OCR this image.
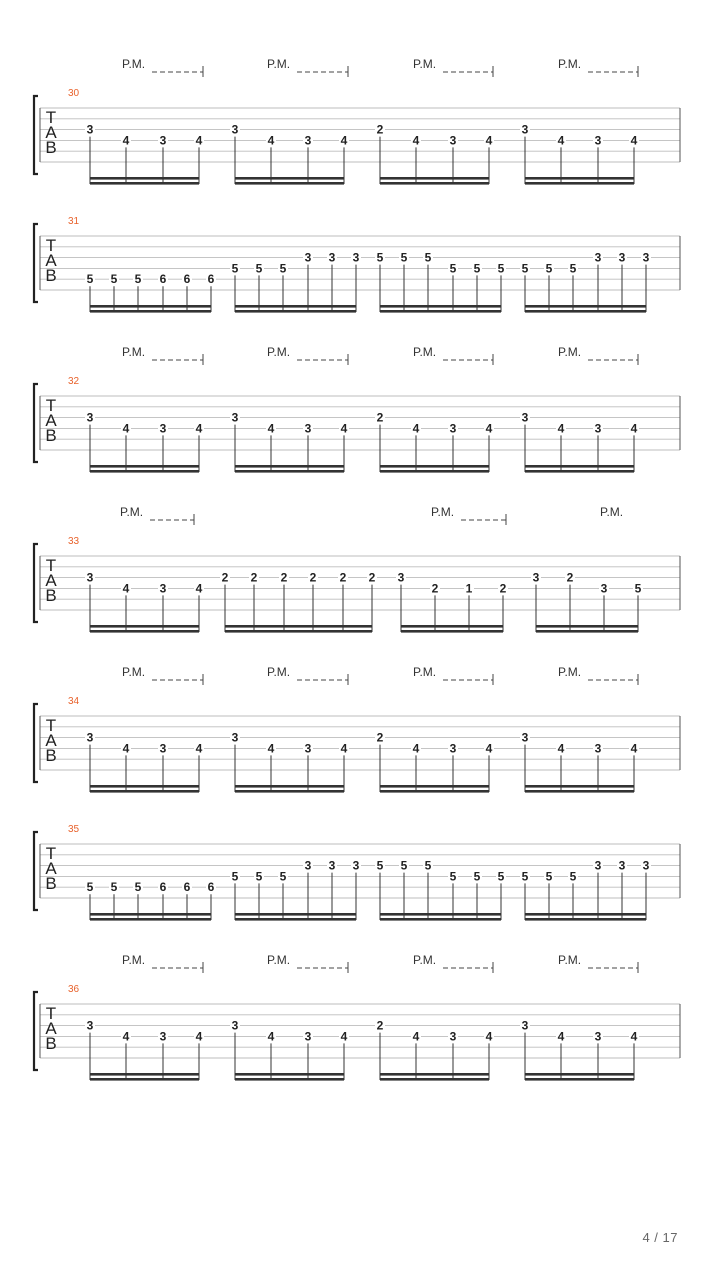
T
A
B
30
P.M.	P.M.	P.M.	P.M.
3
4	3 4
3
4	3 4
2
4	3 4
3
4	3 4
T
A
B
31
5 5 5 6 6 6
5 5 5
3 3 3 5 5 5
5 5 5 5 5 5
3 3 3
T
A
B
32
P.M.	P.M.	P.M.	P.M.
3
4	3 4
3
4	3 4
2
4	3 4
3
4	3 4
T
A
B
33
P.M.	P.M.	P.M.
3
4	3 4
2 2 2 2 2 2 3
2 1 2
3 2
3 5
T
A
B
34
P.M.	P.M.	P.M.	P.M.
3
4	3 4
3
4	3 4
2
4	3 4
3
4	3 4
T
A
B
35
5 5 5 6 6 6
5 5 5
3 3 3 5 5 5
5 5 5 5 5 5
3 3 3
T
A
B
36
P.M.	P.M.	P.M.	P.M.
3
4	3 4
3
4	3 4
2
4	3 4
3
4	3 4
4 / 17
